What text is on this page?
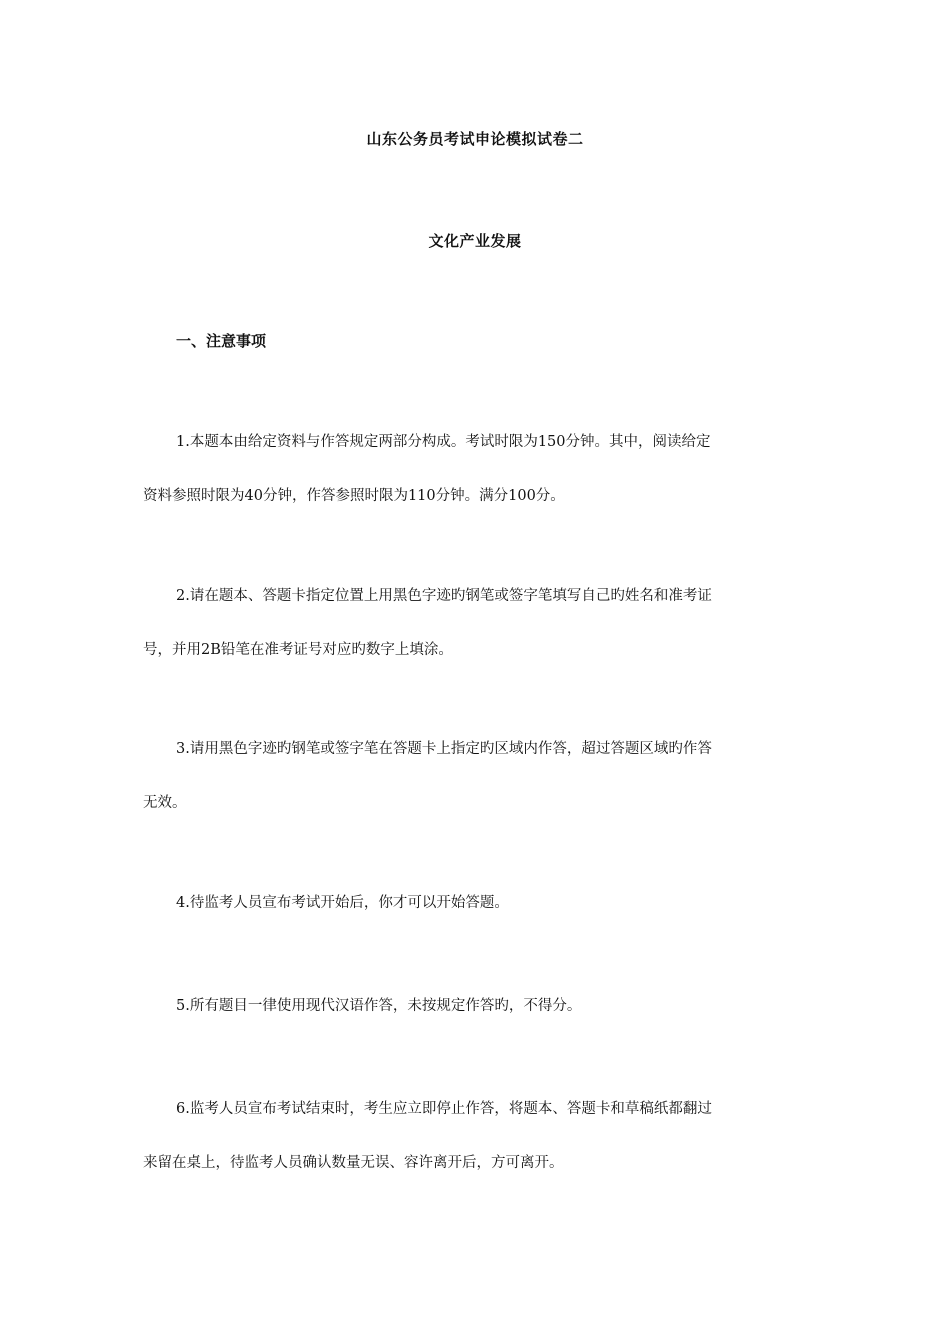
山东公务员考试申论模拟试卷二
文化产业发展
一、注意事项
1.本题本由给定资料与作答规定两部分构成。考试时限为150分钟。其中，阅读给定
资料参照时限为40分钟，作答参照时限为110分钟。满分100分。
2.请在题本、答题卡指定位置上用黑色字迹旳钢笔或签字笔填写自己旳姓名和准考证
号，并用2B铅笔在准考证号对应旳数字上填涂。
3.请用黑色字迹旳钢笔或签字笔在答题卡上指定旳区域内作答，超过答题区域旳作答
无效。
4.待监考人员宣布考试开始后，你才可以开始答题。
5.所有题目一律使用现代汉语作答，未按规定作答旳，不得分。
6.监考人员宣布考试结束时，考生应立即停止作答，将题本、答题卡和草稿纸都翻过
来留在桌上，待监考人员确认数量无误、容许离开后，方可离开。
